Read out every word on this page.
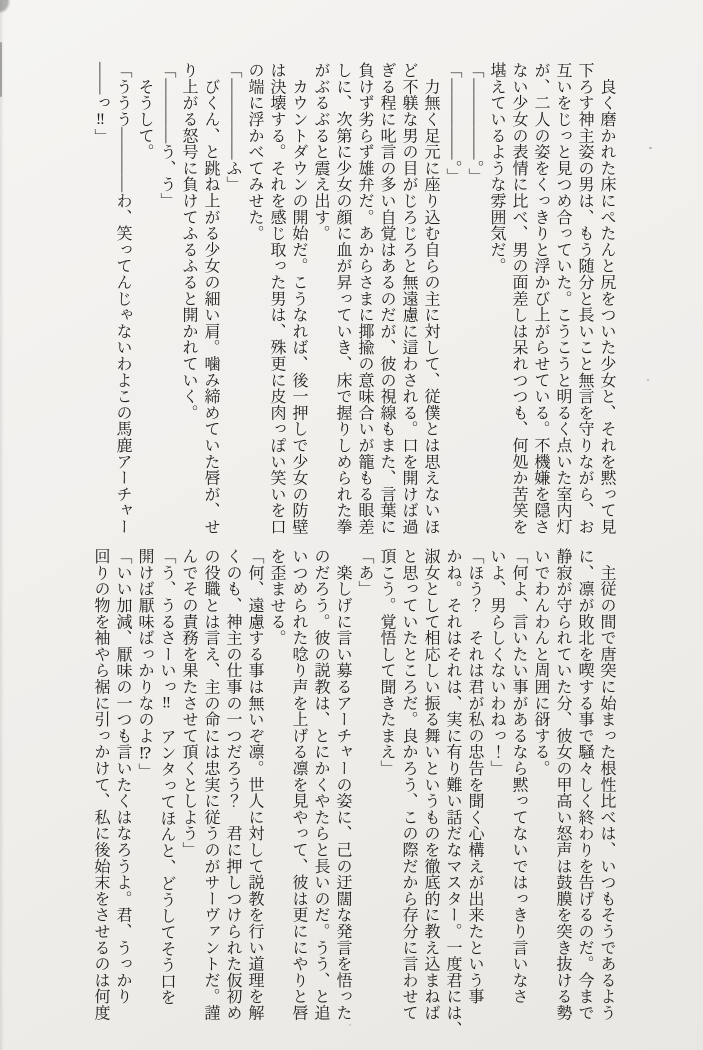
　良く磨かれた床にぺたんと尻をついた少女と、それを黙って見
下ろす神主姿の男は、もう随分と長いこと無言を守りながら、お
互いをじっと見つめ合っていた。こうこうと明るく点いた室内灯
が、二人の姿をくっきりと浮かび上がらせている。不機嫌を隠さ
ない少女の表情に比べ、男の面差しは呆れつつも、何処か苦笑を
堪えているような雰囲気だ。
「―――――。」
「―――――。」
　力無く足元に座り込む自らの主に対して、従僕とは思えないほ
ど不躾な男の目がじろじろと無遠慮に這わされる。口を開けば過
ぎる程に叱言の多い自覚はあるのだが、彼の視線もまた、言葉に
負けず劣らず雄弁だ。あからさまに揶揄の意味合いが籠もる眼差
しに、次第に少女の顔に血が昇っていき、床で握りしめられた拳
がぶるぶると震え出す。
　カウントダウンの開始だ。こうなれば、後一押しで少女の防壁
は決壊する。それを感じ取った男は、殊更に皮肉っぽい笑いを口
の端に浮かべてみせた。
「―――――ふ」
　びくん、と跳ね上がる少女の細い肩。噛み締めていた唇が、せ
り上がる怒号に負けてふるふると開かれていく。
「――――う、う」
　そうして。
「ううう――――わ、笑ってんじゃないわよこの馬鹿アーチャー
――っ‼」
　主従の間で唐突に始まった根性比べは、いつもそうであるよう
に、凛が敗北を喫する事で騒々しく終わりを告げるのだ。今まで
静寂が守られていた分、彼女の甲高い怒声は鼓膜を突き抜ける勢
いでわんわんと周囲に谺する。
「何よ、言いたい事があるなら黙ってないではっきり言いなさ
いよ、男らしくないわねっ！」
「ほう？　それは君が私の忠告を聞く心構えが出来たという事
かね。それはそれは、実に有り難い話だなマスター。一度君には、
淑女として相応しい振る舞いというものを徹底的に教え込まねば
と思っていたところだ。良かろう、この際だから存分に言わせて
頂こう。覚悟して聞きたまえ」
「あ」
　楽しげに言い募るアーチャーの姿に、己の迂闊な発言を悟った
のだろう。彼の説教は、とにかくやたらと長いのだ。うう、と追
いつめられた唸り声を上げる凛を見やって、彼は更ににやりと唇
を歪ませる。
「何、遠慮する事は無いぞ凛。世人に対して説教を行い道理を解
くのも、神主の仕事の一つだろう？　君に押しつけられた仮初め
の役職とは言え、主の命には忠実に従うのがサーヴァントだ。謹
んでその責務を果たさせて頂くとしよう」
「う、うるさーいっ‼　アンタってほんと、どうしてそう口を
開けば厭味ばっかりなのよ⁉」
「いい加減、厭味の一つも言いたくはなろうよ。君、うっかり
回りの物を袖やら裾に引っかけて、私に後始末をさせるのは何度
